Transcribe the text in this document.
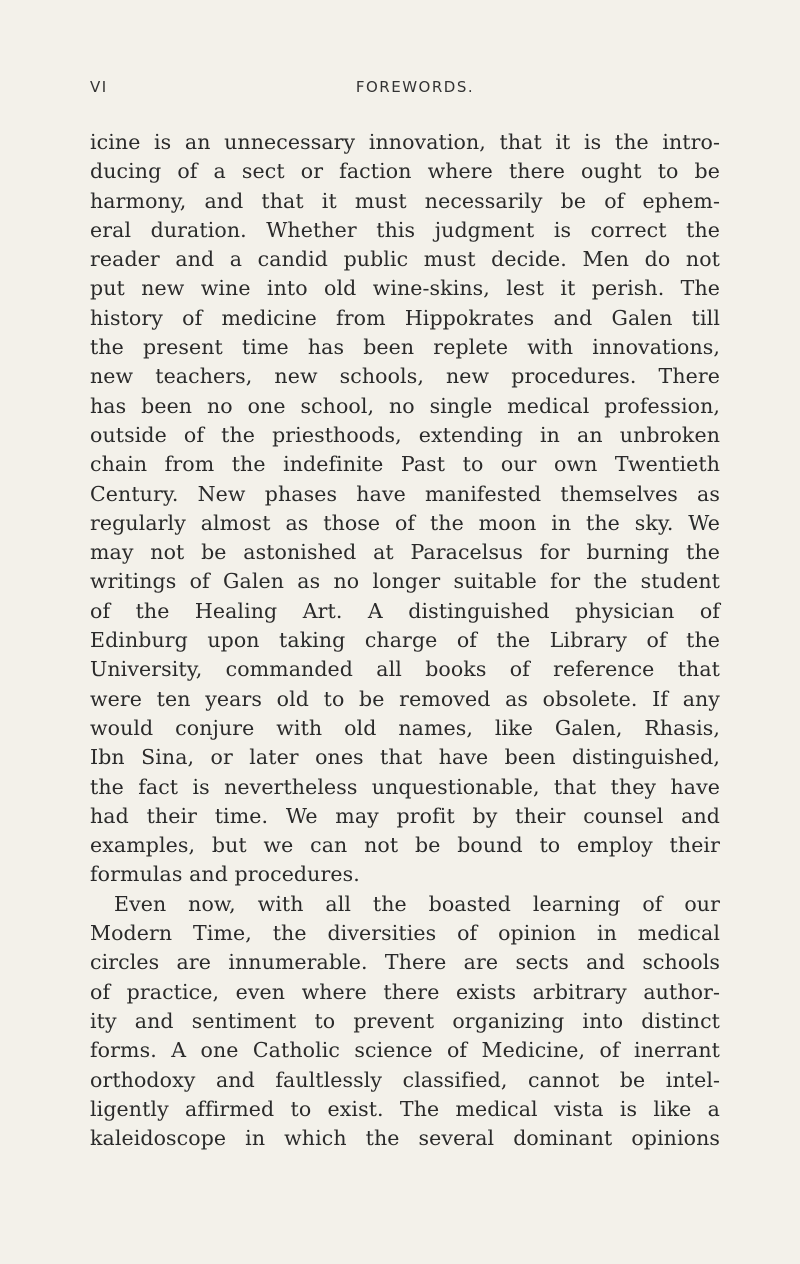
VI	FOREWORDS.
icine is an unnecessary innovation, that it is the intro-
ducing of a sect or faction where there ought to be
harmony, and that it must necessarily be of ephem-
eral duration. Whether this judgment is correct the
reader and a candid public must decide. Men do not
put new wine into old wine-skins, lest it perish. The
history of medicine from Hippokrates and Galen till
the present time has been replete with innovations,
new teachers, new schools, new procedures. There
has been no one school, no single medical profession,
outside of the priesthoods, extending in an unbroken
chain from the indefinite Past to our own Twentieth
Century. New phases have manifested themselves as
regularly almost as those of the moon in the sky. We
may not be astonished at Paracelsus for burning the
writings of Galen as no longer suitable for the student
of the Healing Art. A distinguished physician of
Edinburg upon taking charge of the Library of the
University, commanded all books of reference that
were ten years old to be removed as obsolete. If any
would conjure with old names, like Galen, Rhasis,
Ibn Sina, or later ones that have been distinguished,
the fact is nevertheless unquestionable, that they have
had their time. We may profit by their counsel and
examples, but we can not be bound to employ their
formulas and procedures.
Even now, with all the boasted learning of our
Modern Time, the diversities of opinion in medical
circles are innumerable. There are sects and schools
of practice, even where there exists arbitrary author-
ity and sentiment to prevent organizing into distinct
forms. A one Catholic science of Medicine, of inerrant
orthodoxy and faultlessly classified, cannot be intel-
ligently affirmed to exist. The medical vista is like a
kaleidoscope in which the several dominant opinions
